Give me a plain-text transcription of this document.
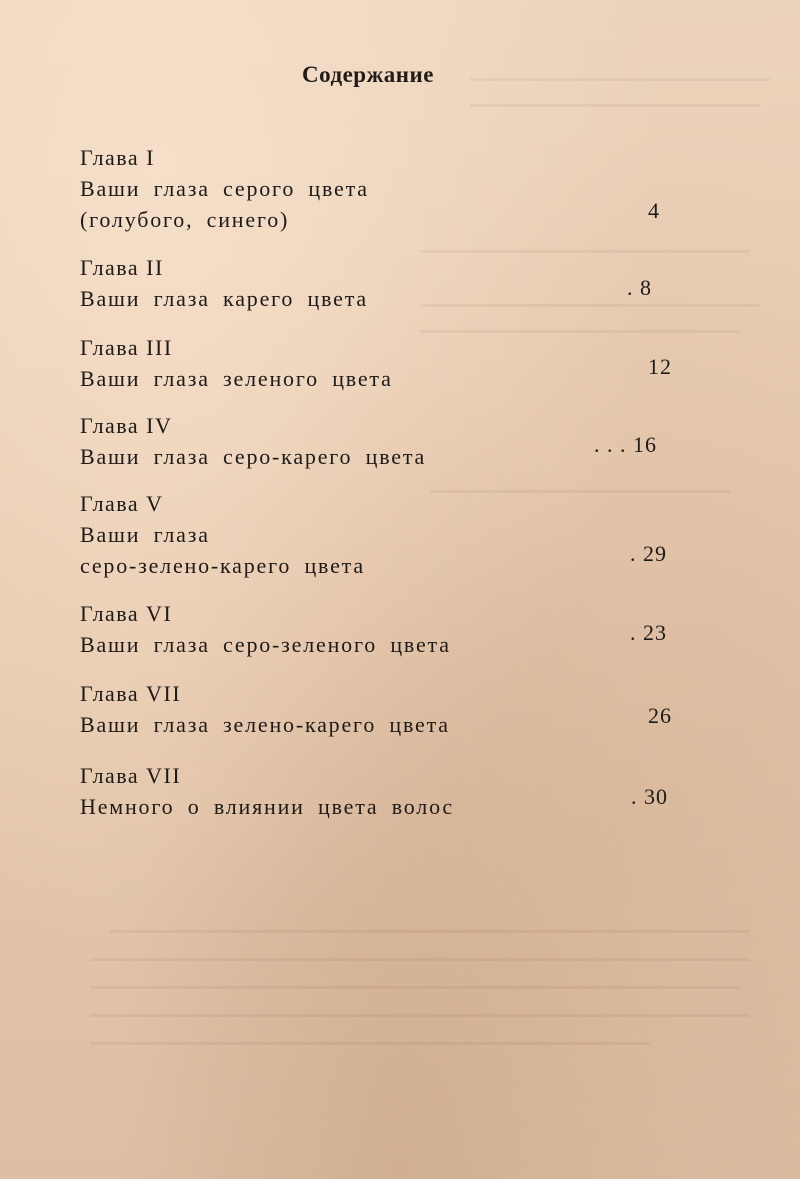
Содержание
Глава I
Ваши глаза серого цвета
(голубого, синего)	4
Глава II
Ваши глаза карего цвета	. 8
Глава III
Ваши глаза зеленого цвета	12
Глава IV
Ваши глаза серо-карего цвета	. . . 16
Глава V
Ваши глаза
серо-зелено-карего цвета	. 29
Глава VI
Ваши глаза серо-зеленого цвета	. 23
Глава VII
Ваши глаза зелено-карего цвета	26
Глава VII
Немного о влиянии цвета волос	. 30
